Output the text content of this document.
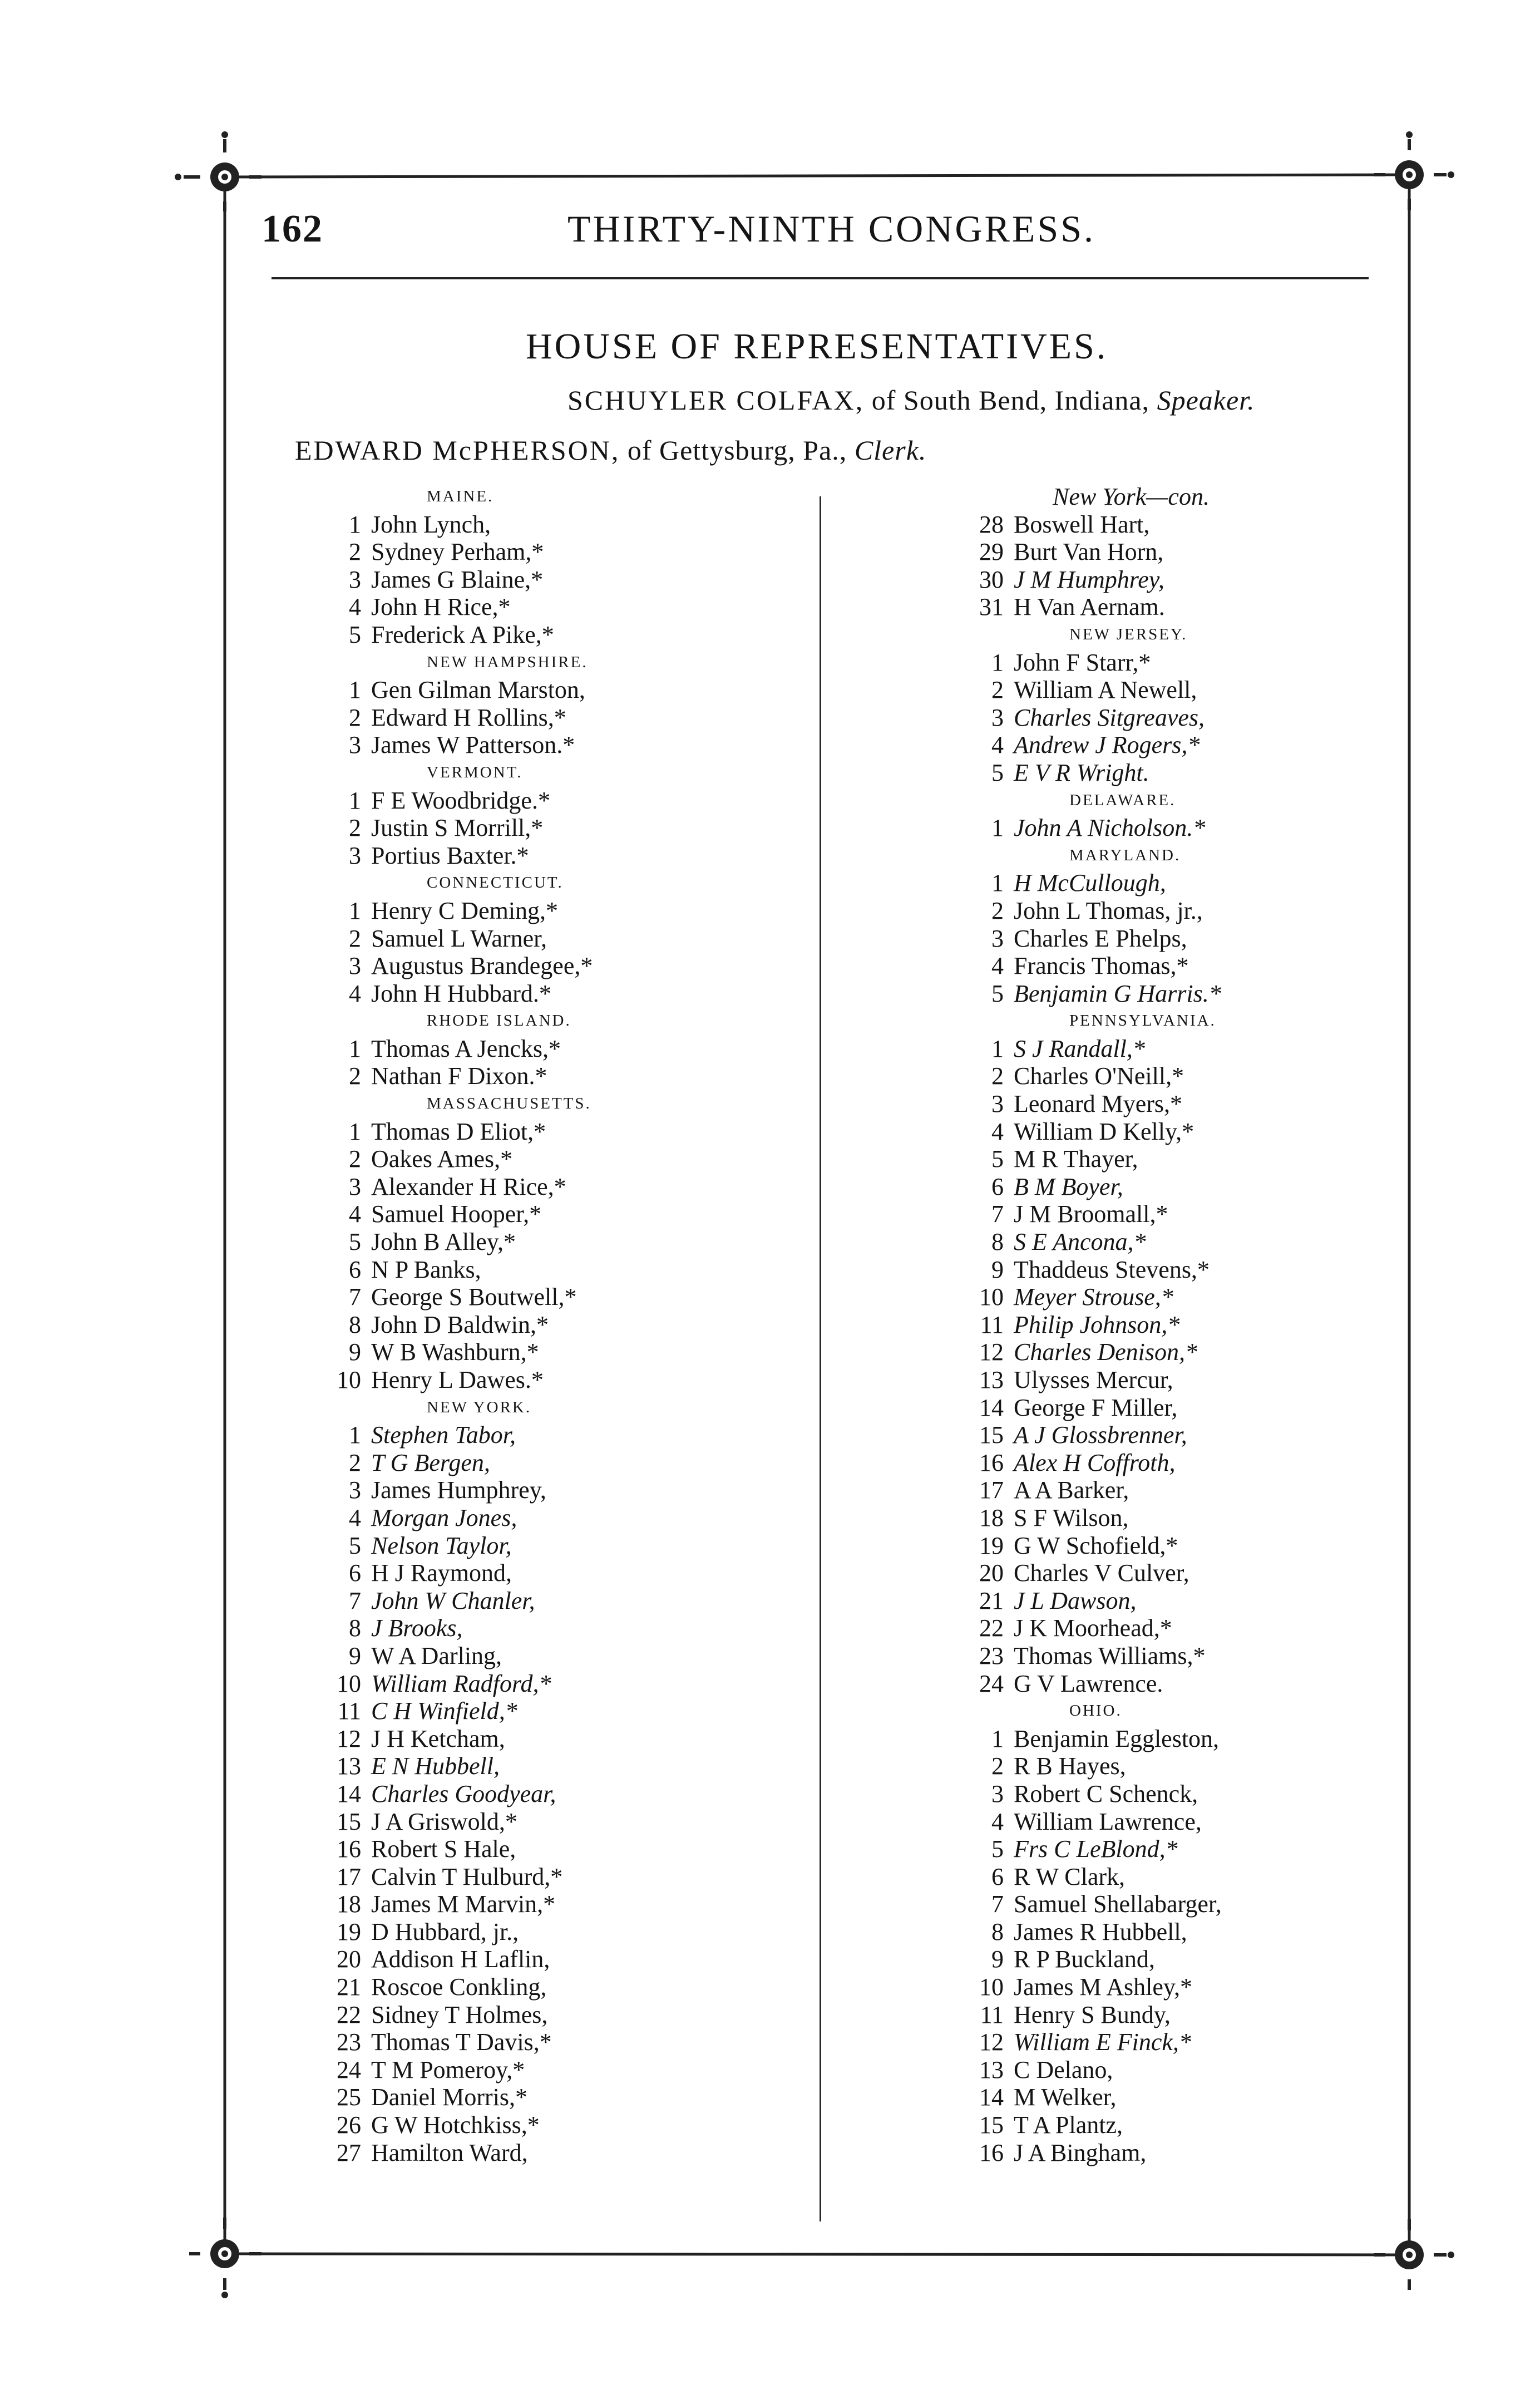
162	THIRTY-NINTH CONGRESS.
HOUSE OF REPRESENTATIVES.
SCHUYLER COLFAX, of South Bend, Indiana, Speaker.
EDWARD McPHERSON, of Gettysburg, Pa., Clerk.
MAINE.
1 John Lynch,
2 Sydney Perham,*
3 James G Blaine,*
4 John H Rice,*
5 Frederick A Pike,*
NEW HAMPSHIRE.
1 Gen Gilman Marston,
2 Edward H Rollins,*
3 James W Patterson.*
VERMONT.
1 F E Woodbridge.*
2 Justin S Morrill,*
3 Portius Baxter.*
CONNECTICUT.
1 Henry C Deming,*
2 Samuel L Warner,
3 Augustus Brandegee,*
4 John H Hubbard.*
RHODE ISLAND.
1 Thomas A Jencks,*
2 Nathan F Dixon.*
MASSACHUSETTS.
1 Thomas D Eliot,*
2 Oakes Ames,*
3 Alexander H Rice,*
4 Samuel Hooper,*
5 John B Alley,*
6 N P Banks,
7 George S Boutwell,*
8 John D Baldwin,*
9 W B Washburn,*
10 Henry L Dawes.*
NEW YORK.
1 Stephen Tabor,
2 T G Bergen,
3 James Humphrey,
4 Morgan Jones,
5 Nelson Taylor,
6 H J Raymond,
7 John W Chanler,
8 J Brooks,
9 W A Darling,
10 William Radford,*
11 C H Winfield,*
12 J H Ketcham,
13 E N Hubbell,
14 Charles Goodyear,
15 J A Griswold,*
16 Robert S Hale,
17 Calvin T Hulburd,*
18 James M Marvin,*
19 D Hubbard, jr.,
20 Addison H Laflin,
21 Roscoe Conkling,
22 Sidney T Holmes,
23 Thomas T Davis,*
24 T M Pomeroy,*
25 Daniel Morris,*
26 G W Hotchkiss,*
27 Hamilton Ward,
New York—con.
28 Boswell Hart,
29 Burt Van Horn,
30 J M Humphrey,
31 H Van Aernam.
NEW JERSEY.
1 John F Starr,*
2 William A Newell,
3 Charles Sitgreaves,
4 Andrew J Rogers,*
5 E V R Wright.
DELAWARE.
1 John A Nicholson.*
MARYLAND.
1 H McCullough,
2 John L Thomas, jr.,
3 Charles E Phelps,
4 Francis Thomas,*
5 Benjamin G Harris.*
PENNSYLVANIA.
1 S J Randall,*
2 Charles O'Neill,*
3 Leonard Myers,*
4 William D Kelly,*
5 M R Thayer,
6 B M Boyer,
7 J M Broomall,*
8 S E Ancona,*
9 Thaddeus Stevens,*
10 Meyer Strouse,*
11 Philip Johnson,*
12 Charles Denison,*
13 Ulysses Mercur,
14 George F Miller,
15 A J Glossbrenner,
16 Alex H Coffroth,
17 A A Barker,
18 S F Wilson,
19 G W Schofield,*
20 Charles V Culver,
21 J L Dawson,
22 J K Moorhead,*
23 Thomas Williams,*
24 G V Lawrence.
OHIO.
1 Benjamin Eggleston,
2 R B Hayes,
3 Robert C Schenck,
4 William Lawrence,
5 Frs C LeBlond,*
6 R W Clark,
7 Samuel Shellabarger,
8 James R Hubbell,
9 R P Buckland,
10 James M Ashley,*
11 Henry S Bundy,
12 William E Finck,*
13 C Delano,
14 M Welker,
15 T A Plantz,
16 J A Bingham,
